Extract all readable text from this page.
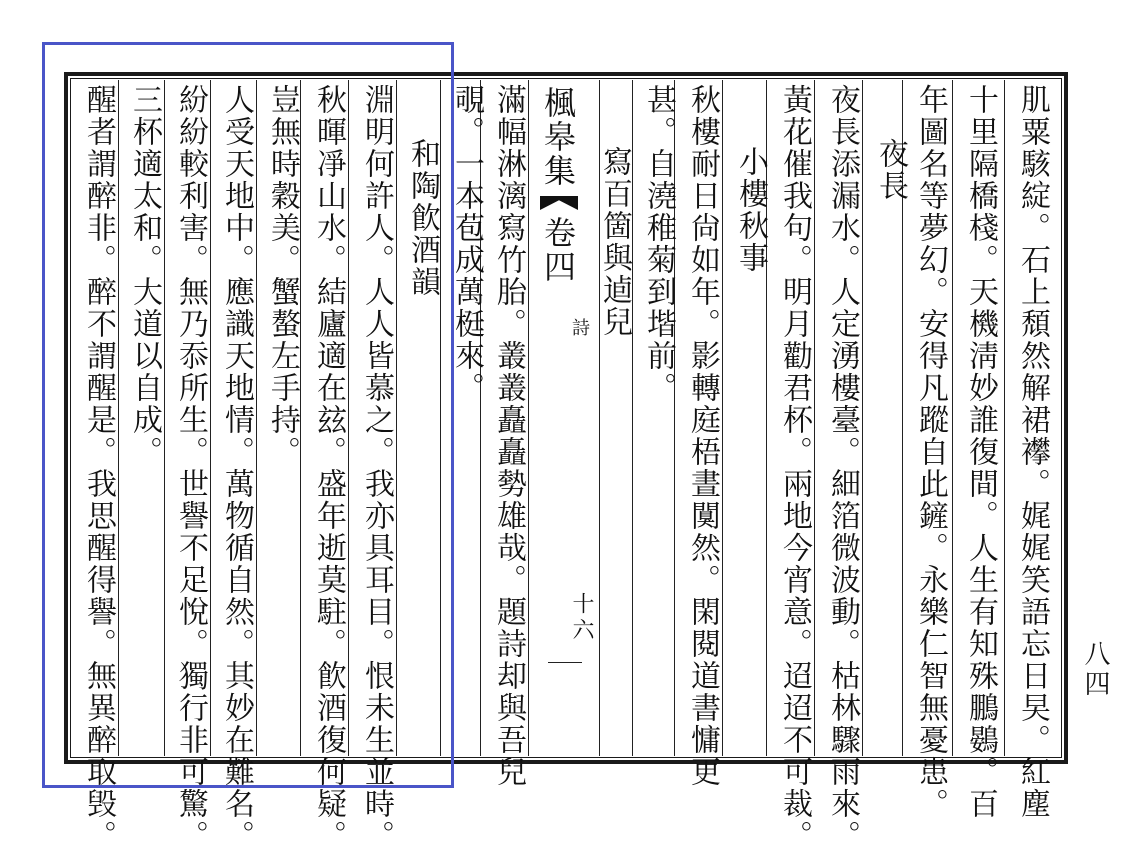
肌粟駭綻。石上頹然解裙襻。娓娓笑語忘日旲。紅塵
十里隔橋棧。天機淸妙誰復間。人生有知殊鵬鷃。百
年圖名等夢幻。安得凡蹤自此鏟。永樂仁智無憂患。
夜長
夜長添漏水。人定湧樓臺。細箔微波動。枯林驟雨來。
黃花催我句。明月勸君杯。兩地今宵意。迢迢不可裁。
小樓秋事
秋樓耐日尙如年。影轉庭梧晝闃然。閑閱道書慵更
甚。自澆稚菊到堦前。
寫百箇與逌兒
楓皋集
卷四
詩
十六
滿幅淋漓寫竹胎。叢叢矗矗勢雄哉。題詩却與吾兒
覗。一本苞成萬梃來。
和陶飮酒韻
淵明何許人。人人皆慕之。我亦具耳目。恨未生並時。
秋暉凈山水。結廬適在玆。盛年逝莫駐。飮酒復何疑。
豈無時穀美。蟹螯左手持。
人受天地中。應識天地情。萬物循自然。其妙在難名。
紛紛較利害。無乃忝所生。世譽不足悅。獨行非可驚。
三杯適太和。大道以自成。
醒者謂醉非。醉不謂醒是。我思醒得譽。無異醉取毁。	八四
